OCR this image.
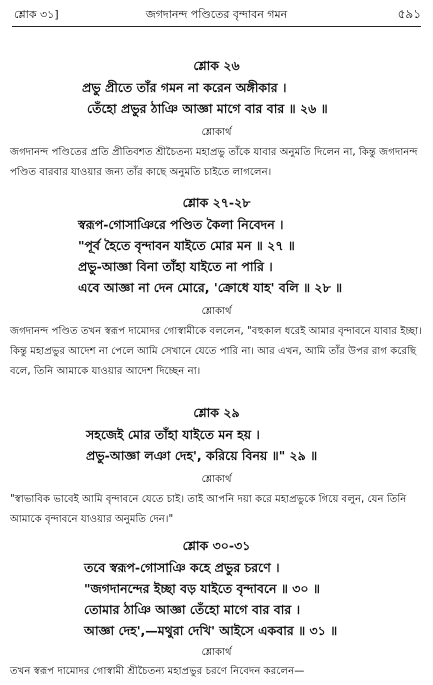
শ্লোক ৩১]	জগদানন্দ পণ্ডিতের বৃন্দাবন গমন	৫৯১
শ্লোক ২৬
প্রভু প্রীতে তাঁর গমন না করেন অঙ্গীকার ।
তেঁহো প্রভুর ঠাঞি আজ্ঞা মাগে বার বার ॥ ২৬ ॥
শ্লোকার্থ
জগদানন্দ পণ্ডিতের প্রতি প্রীতিবশত শ্রীচৈতন্য মহাপ্রভু তাঁকে যাবার অনুমতি দিলেন না, কিন্তু জগদানন্দ পণ্ডিত বারবার যাওয়ার জন্য তাঁর কাছে অনুমতি চাইতে লাগলেন।
শ্লোক ২৭-২৮
স্বরূপ-গোসাঞিরে পণ্ডিত কৈলা নিবেদন ।
"পূর্ব হৈতে বৃন্দাবন যাইতে মোর মন ॥ ২৭ ॥
প্রভু-আজ্ঞা বিনা তাঁহা যাইতে না পারি ।
এবে আজ্ঞা না দেন মোরে, 'ক্রোধে যাহ' বলি ॥ ২৮ ॥
শ্লোকার্থ
জগদানন্দ পণ্ডিত তখন স্বরূপ দামোদর গোস্বামীকে বললেন, "বহুকাল ধরেই আমার বৃন্দাবনে যাবার ইচ্ছা। কিন্তু মহাপ্রভুর আদেশ না পেলে আমি সেখানে যেতে পারি না। আর এখন, আমি তাঁর উপর রাগ করেছি বলে, তিনি আমাকে যাওয়ার আদেশ দিচ্ছেন না।
শ্লোক ২৯
সহজেই মোর তাঁহা যাইতে মন হয় ।
প্রভু-আজ্ঞা লঞা দেহ', করিয়ে বিনয় ॥" ২৯ ॥
শ্লোকার্থ
"স্বাভাবিক ভাবেই আমি বৃন্দাবনে যেতে চাই। তাই আপনি দয়া করে মহাপ্রভুকে গিয়ে বলুন, যেন তিনি আমাকে বৃন্দাবনে যাওয়ার অনুমতি দেন।"
শ্লোক ৩০-৩১
তবে স্বরূপ-গোসাঞি কহে প্রভুর চরণে ।
"জগদানন্দের ইচ্ছা বড় যাইতে বৃন্দাবনে ॥ ৩০ ॥
তোমার ঠাঞি আজ্ঞা তেঁহো মাগে বার বার ।
আজ্ঞা দেহ',—মথুরা দেখি' আইসে একবার ॥ ৩১ ॥
শ্লোকার্থ
তখন স্বরূপ দামোদর গোস্বামী শ্রীচৈতন্য মহাপ্রভুর চরণে নিবেদন করলেন—
